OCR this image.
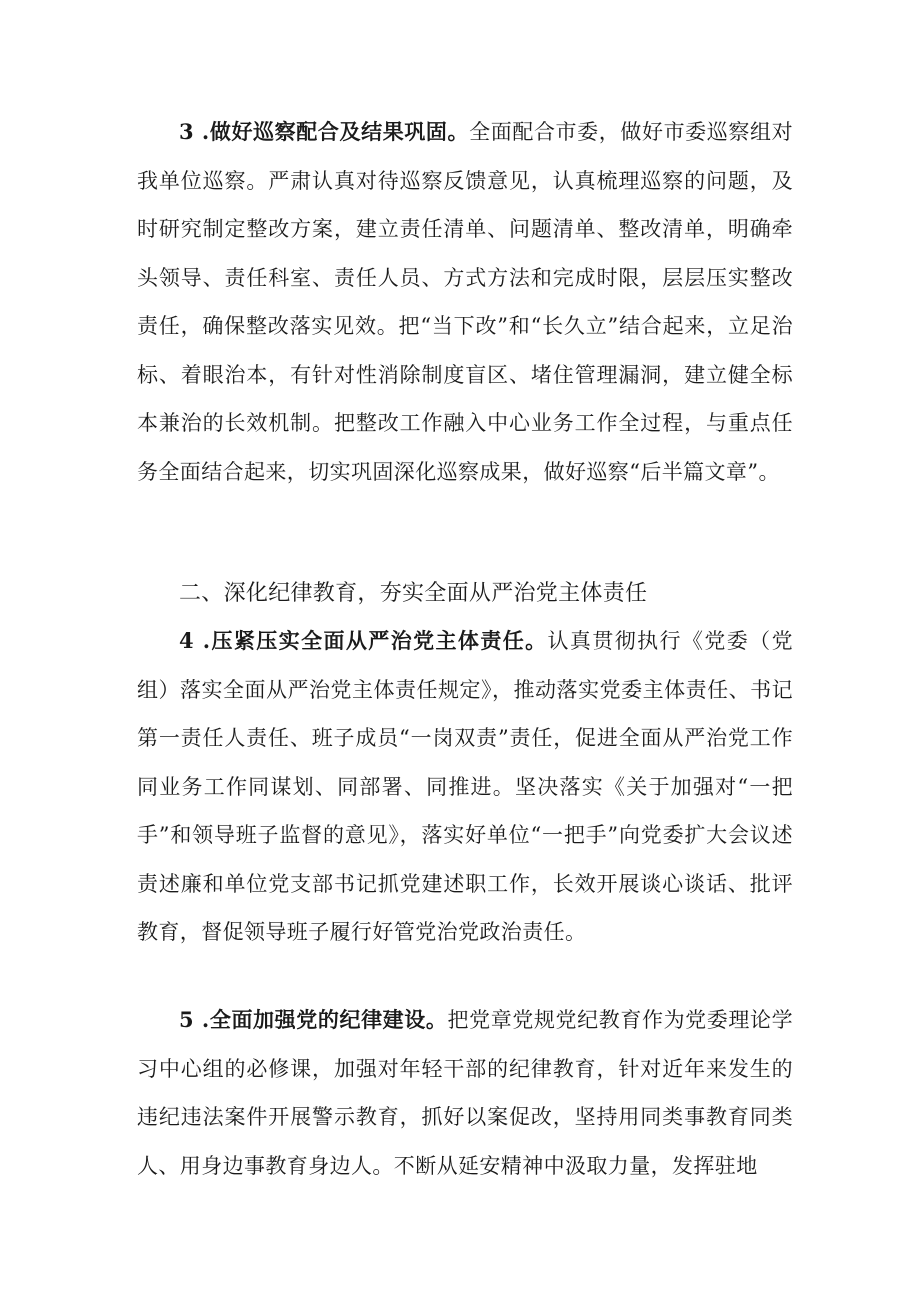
3 .做好巡察配合及结果巩固。全面配合市委，做好市委巡察组对我单位巡察。严肃认真对待巡察反馈意见，认真梳理巡察的问题，及时研究制定整改方案，建立责任清单、问题清单、整改清单，明确牵头领导、责任科室、责任人员、方式方法和完成时限，层层压实整改责任，确保整改落实见效。把“当下改”和“长久立”结合起来，立足治标、着眼治本，有针对性消除制度盲区、堵住管理漏洞，建立健全标本兼治的长效机制。把整改工作融入中心业务工作全过程，与重点任务全面结合起来，切实巩固深化巡察成果，做好巡察“后半篇文章”。

二、深化纪律教育，夯实全面从严治党主体责任

4 .压紧压实全面从严治党主体责任。认真贯彻执行《党委（党组）落实全面从严治党主体责任规定》，推动落实党委主体责任、书记第一责任人责任、班子成员“一岗双责”责任，促进全面从严治党工作同业务工作同谋划、同部署、同推进。坚决落实《关于加强对“一把手”和领导班子监督的意见》，落实好单位“一把手”向党委扩大会议述责述廉和单位党支部书记抓党建述职工作，长效开展谈心谈话、批评教育，督促领导班子履行好管党治党政治责任。

5 .全面加强党的纪律建设。把党章党规党纪教育作为党委理论学习中心组的必修课，加强对年轻干部的纪律教育，针对近年来发生的违纪违法案件开展警示教育，抓好以案促改，坚持用同类事教育同类人、用身边事教育身边人。不断从延安精神中汲取力量，发挥驻地
